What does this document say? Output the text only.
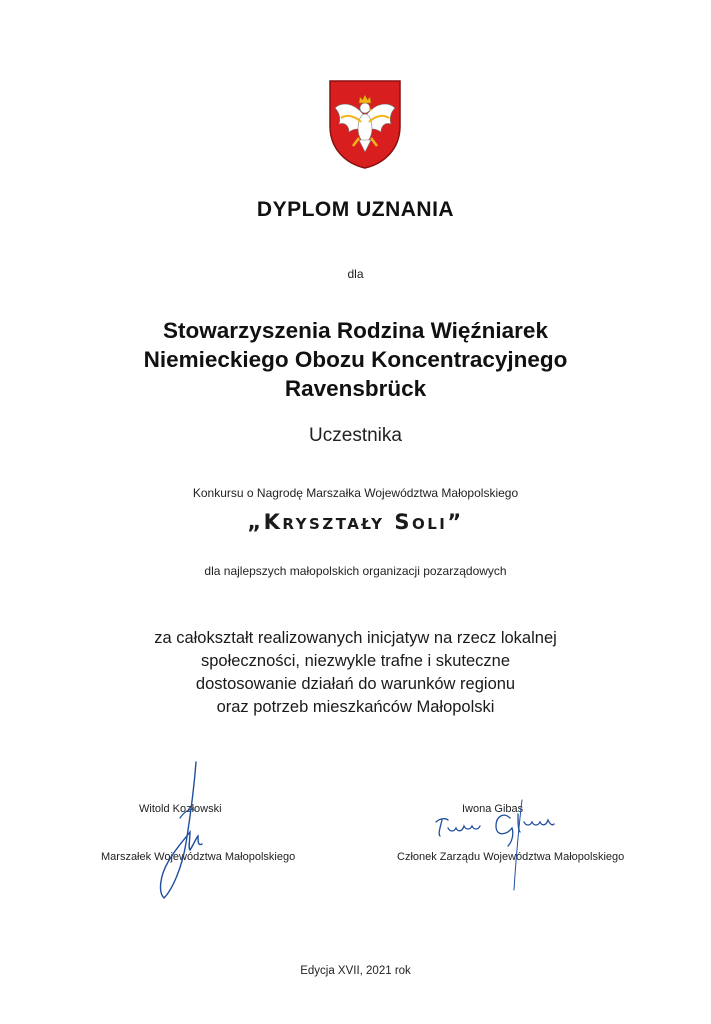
DYPLOM UZNANIA
dla
Stowarzyszenia Rodzina Więźniarek
Niemieckiego Obozu Koncentracyjnego
Ravensbrück
Uczestnika
Konkursu o Nagrodę Marszałka Województwa Małopolskiego
„Kryształy Soli”
dla najlepszych małopolskich organizacji pozarządowych
za całokształt realizowanych inicjatyw na rzecz lokalnej
społeczności, niezwykle trafne i skuteczne
dostosowanie działań do warunków regionu
oraz potrzeb mieszkańców Małopolski
Witold Kozłowski
Marszałek Województwa Małopolskiego
Iwona Gibas
Członek Zarządu Województwa Małopolskiego
Edycja XVII, 2021 rok
